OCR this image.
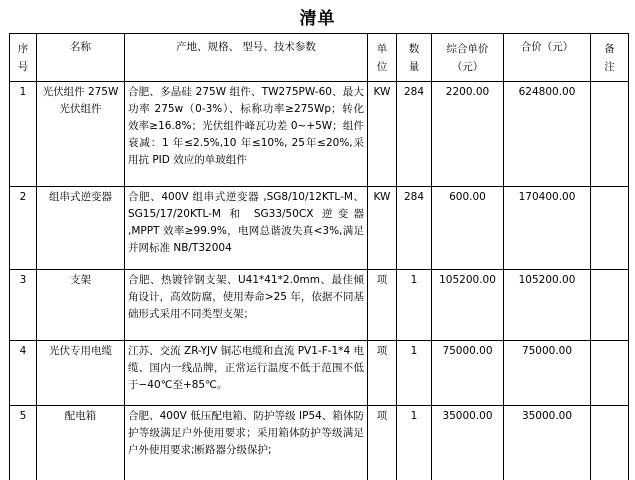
清单
序号	名称	产地、规格、 型号、技术参数	单位	数量	综合单价（元）	合价（元）	备注
1	光伏组件 275W 光伏组件	合肥、多晶硅 275W 组件、TW275PW-60、最大功率 275w（0-3%）、标称功率≥275Wp；转化效率≥16.8%；光伏组件峰瓦功差 0~+5W；组件衰减：1 年≤2.5%,10 年≤10%, 25年≤20%,采用抗 PID 效应的单玻组件	KW	284	2200.00	624800.00	
2	组串式逆变器	合肥、400V 组串式逆变器 ,SG8/10/12KTL-M、SG15/17/20KTL-M 和 SG33/50CX 逆变器 ,MPPT 效率≥99.9%，电网总谐波失真<3%,满足并网标准 NB/T32004	KW	284	600.00	170400.00	
3	支架	合肥、热镀锌钢支架、U41*41*2.0mm、最佳倾角设计，高效防腐，使用寿命>25 年，依据不同基础形式采用不同类型支架；	项	1	105200.00	105200.00	
4	光伏专用电缆	江苏、交流 ZR-YJV 铜芯电缆和直流 PV1-F-1*4 电缆、国内一线品牌，正常运行温度不低于范围不低于−40℃至+85℃。	项	1	75000.00	75000.00	
5	配电箱	合肥、400V 低压配电箱、防护等级 IP54、箱体防护等级满足户外使用要求；采用箱体防护等级满足户外使用要求;断路器分级保护;	项	1	35000.00	35000.00	
